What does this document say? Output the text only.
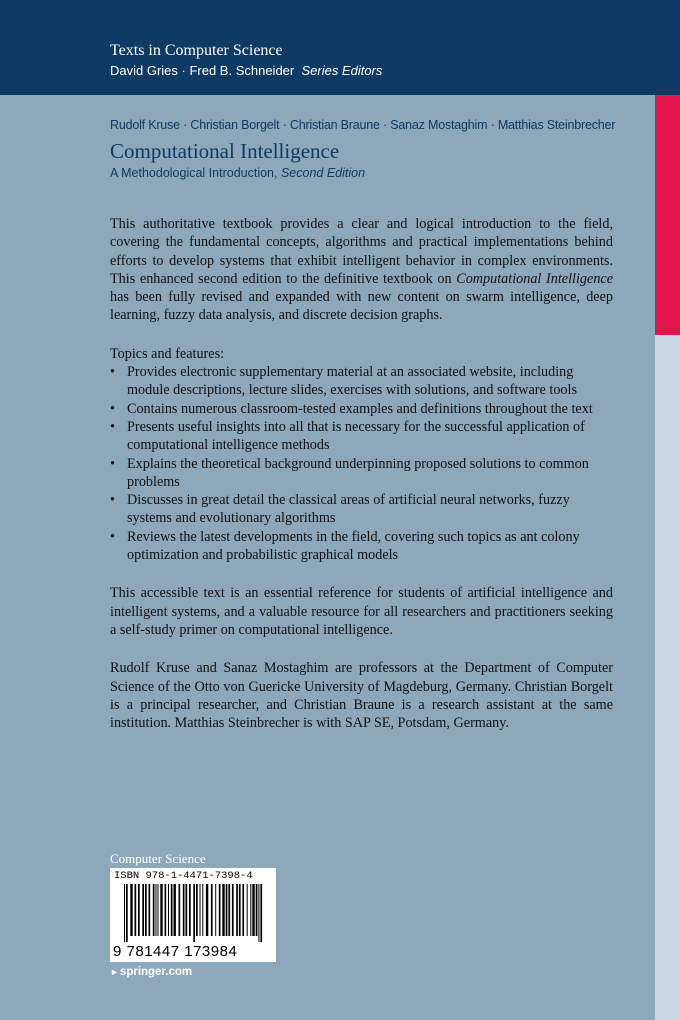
Texts in Computer Science
David Gries · Fred B. Schneider Series Editors
Rudolf Kruse · Christian Borgelt · Christian Braune · Sanaz Mostaghim · Matthias Steinbrecher
Computational Intelligence
A Methodological Introduction, Second Edition

This authoritative textbook provides a clear and logical introduction to the field, covering the fundamental concepts, algorithms and practical implementations behind efforts to develop systems that exhibit intelligent behavior in complex environments. This enhanced second edition to the definitive textbook on Computational Intelligence has been fully revised and expanded with new content on swarm intelligence, deep learning, fuzzy data analysis, and discrete decision graphs.

Topics and features:

• Provides electronic supplementary material at an associated website, including module descriptions, lecture slides, exercises with solutions, and software tools
• Contains numerous classroom-tested examples and definitions throughout the text
• Presents useful insights into all that is necessary for the successful application of computational intelligence methods
• Explains the theoretical background underpinning proposed solutions to common problems
• Discusses in great detail the classical areas of artificial neural networks, fuzzy systems and evolutionary algorithms
• Reviews the latest developments in the field, covering such topics as ant colony optimization and probabilistic graphical models

This accessible text is an essential reference for students of artificial intelligence and intelligent systems, and a valuable resource for all researchers and practitioners seeking a self-study primer on computational intelligence.

Rudolf Kruse and Sanaz Mostaghim are professors at the Department of Computer Science of the Otto von Guericke University of Magdeburg, Germany. Christian Borgelt is a principal researcher, and Christian Braune is a research assistant at the same institution. Matthias Steinbrecher is with SAP SE, Potsdam, Germany.

Computer Science
ISBN 978-1-4471-7398-4
9 781447 173984
►springer.com
